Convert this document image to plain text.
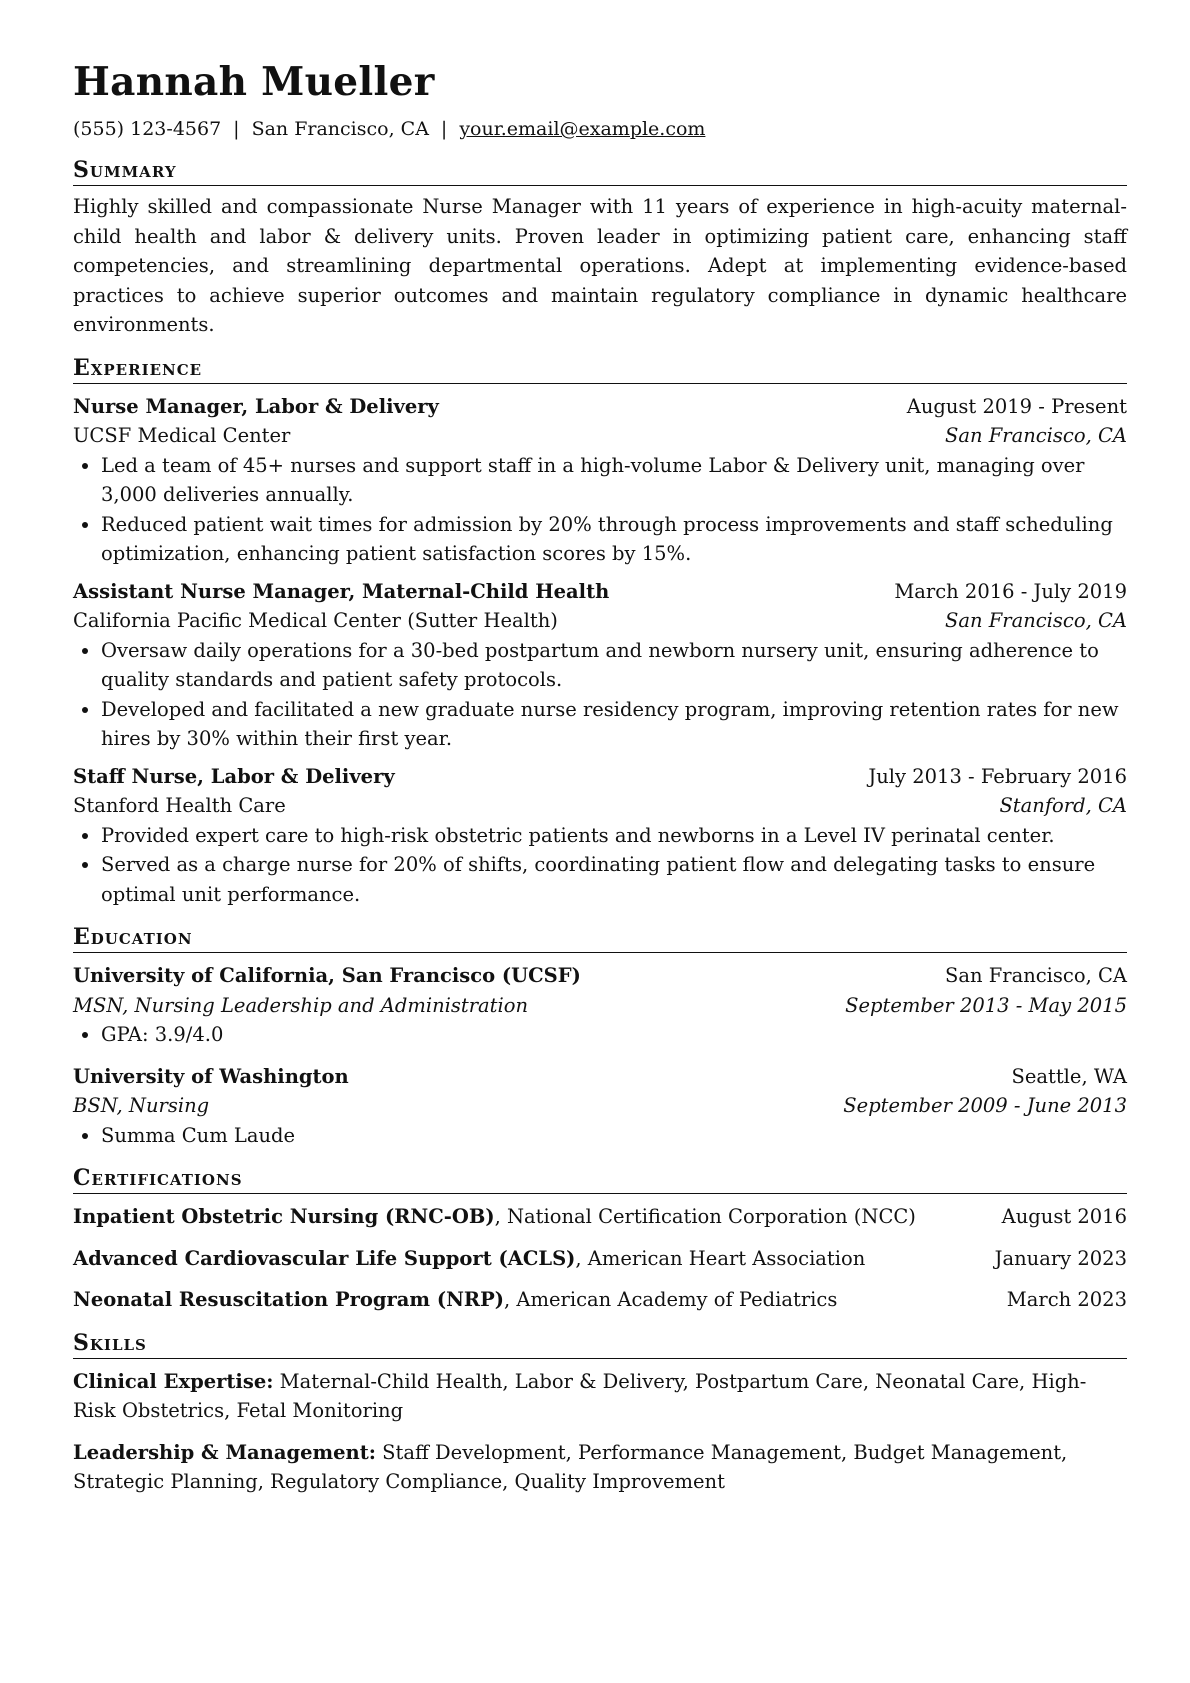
Hannah Mueller
(555) 123-4567 | San Francisco, CA | your.email@example.com
Summary
Highly skilled and compassionate Nurse Manager with 11 years of experience in high-acuity maternal-child health and labor & delivery units. Proven leader in optimizing patient care, enhancing staff competencies, and streamlining departmental operations. Adept at implementing evidence-based practices to achieve superior outcomes and maintain regulatory compliance in dynamic healthcare environments.
Experience
Nurse Manager, Labor & Delivery	August 2019 - Present
UCSF Medical Center	San Francisco, CA
• Led a team of 45+ nurses and support staff in a high-volume Labor & Delivery unit, managing over 3,000 deliveries annually.
• Reduced patient wait times for admission by 20% through process improvements and staff scheduling optimization, enhancing patient satisfaction scores by 15%.
Assistant Nurse Manager, Maternal-Child Health	March 2016 - July 2019
California Pacific Medical Center (Sutter Health)	San Francisco, CA
• Oversaw daily operations for a 30-bed postpartum and newborn nursery unit, ensuring adherence to quality standards and patient safety protocols.
• Developed and facilitated a new graduate nurse residency program, improving retention rates for new hires by 30% within their first year.
Staff Nurse, Labor & Delivery	July 2013 - February 2016
Stanford Health Care	Stanford, CA
• Provided expert care to high-risk obstetric patients and newborns in a Level IV perinatal center.
• Served as a charge nurse for 20% of shifts, coordinating patient flow and delegating tasks to ensure optimal unit performance.
Education
University of California, San Francisco (UCSF)	San Francisco, CA
MSN, Nursing Leadership and Administration	September 2013 - May 2015
• GPA: 3.9/4.0
University of Washington	Seattle, WA
BSN, Nursing	September 2009 - June 2013
• Summa Cum Laude
Certifications
Inpatient Obstetric Nursing (RNC-OB), National Certification Corporation (NCC)	August 2016
Advanced Cardiovascular Life Support (ACLS), American Heart Association	January 2023
Neonatal Resuscitation Program (NRP), American Academy of Pediatrics	March 2023
Skills
Clinical Expertise: Maternal-Child Health, Labor & Delivery, Postpartum Care, Neonatal Care, High-Risk Obstetrics, Fetal Monitoring
Leadership & Management: Staff Development, Performance Management, Budget Management, Strategic Planning, Regulatory Compliance, Quality Improvement
